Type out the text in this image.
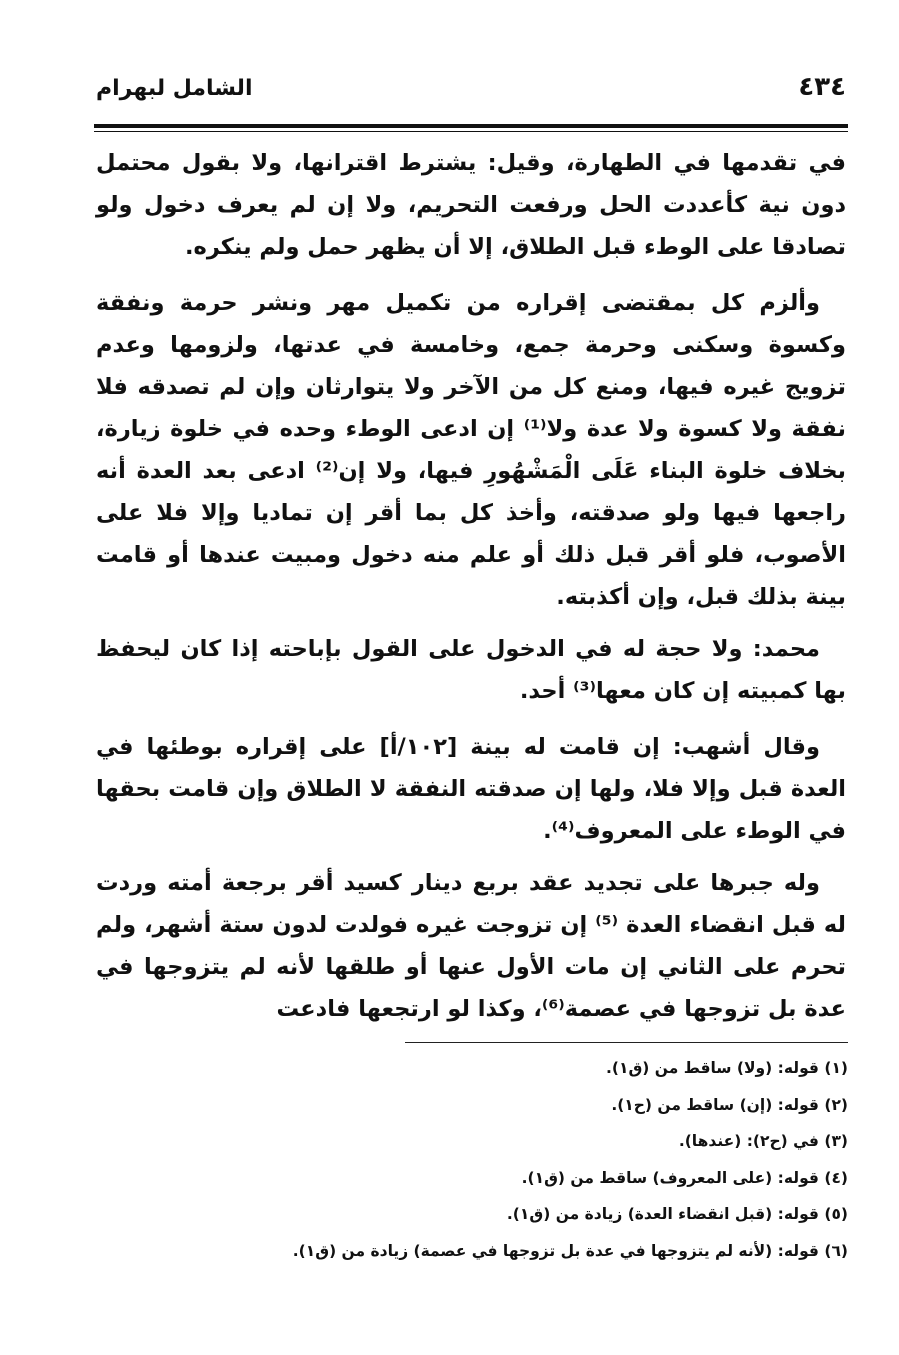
٤٣٤
الشامل لبهرام

في تقدمها في الطهارة، وقيل: يشترط اقترانها، ولا بقول محتمل دون نية كأعددت الحل ورفعت التحريم، ولا إن لم يعرف دخول ولو تصادقا على الوطء قبل الطلاق، إلا أن يظهر حمل ولم ينكره.

وألزم كل بمقتضى إقراره من تكميل مهر ونشر حرمة ونفقة وكسوة وسكنى وحرمة جمع، وخامسة في عدتها، ولزومها وعدم تزويج غيره فيها، ومنع كل من الآخر ولا يتوارثان وإن لم تصدقه فلا نفقة ولا كسوة ولا عدة ولا⁽¹⁾ إن ادعى الوطء وحده في خلوة زيارة، بخلاف خلوة البناء عَلَى الْمَشْهُورِ فيها، ولا إن⁽²⁾ ادعى بعد العدة أنه راجعها فيها ولو صدقته، وأخذ كل بما أقر إن تماديا وإلا فلا على الأصوب، فلو أقر قبل ذلك أو علم منه دخول ومبيت عندها أو قامت بينة بذلك قبل، وإن أكذبته.

محمد: ولا حجة له في الدخول على القول بإباحته إذا كان ليحفظ بها كمبيته إن كان معها⁽³⁾ أحد.

وقال أشهب: إن قامت له بينة [١٠٢/أ] على إقراره بوطئها في العدة قبل وإلا فلا، ولها إن صدقته النفقة لا الطلاق وإن قامت بحقها في الوطء على المعروف⁽⁴⁾.

وله جبرها على تجديد عقد بربع دينار كسيد أقر برجعة أمته وردت له قبل انقضاء العدة ⁽⁵⁾ إن تزوجت غيره فولدت لدون ستة أشهر، ولم تحرم على الثاني إن مات الأول عنها أو طلقها لأنه لم يتزوجها في عدة بل تزوجها في عصمة⁽⁶⁾، وكذا لو ارتجعها فادعت

(١) قوله: (ولا) ساقط من (ق١).
(٢) قوله: (إن) ساقط من (ح١).
(٣) في (ح٢): (عندها).
(٤) قوله: (على المعروف) ساقط من (ق١).
(٥) قوله: (قبل انقضاء العدة) زيادة من (ق١).
(٦) قوله: (لأنه لم يتزوجها في عدة بل تزوجها في عصمة) زيادة من (ق١).
